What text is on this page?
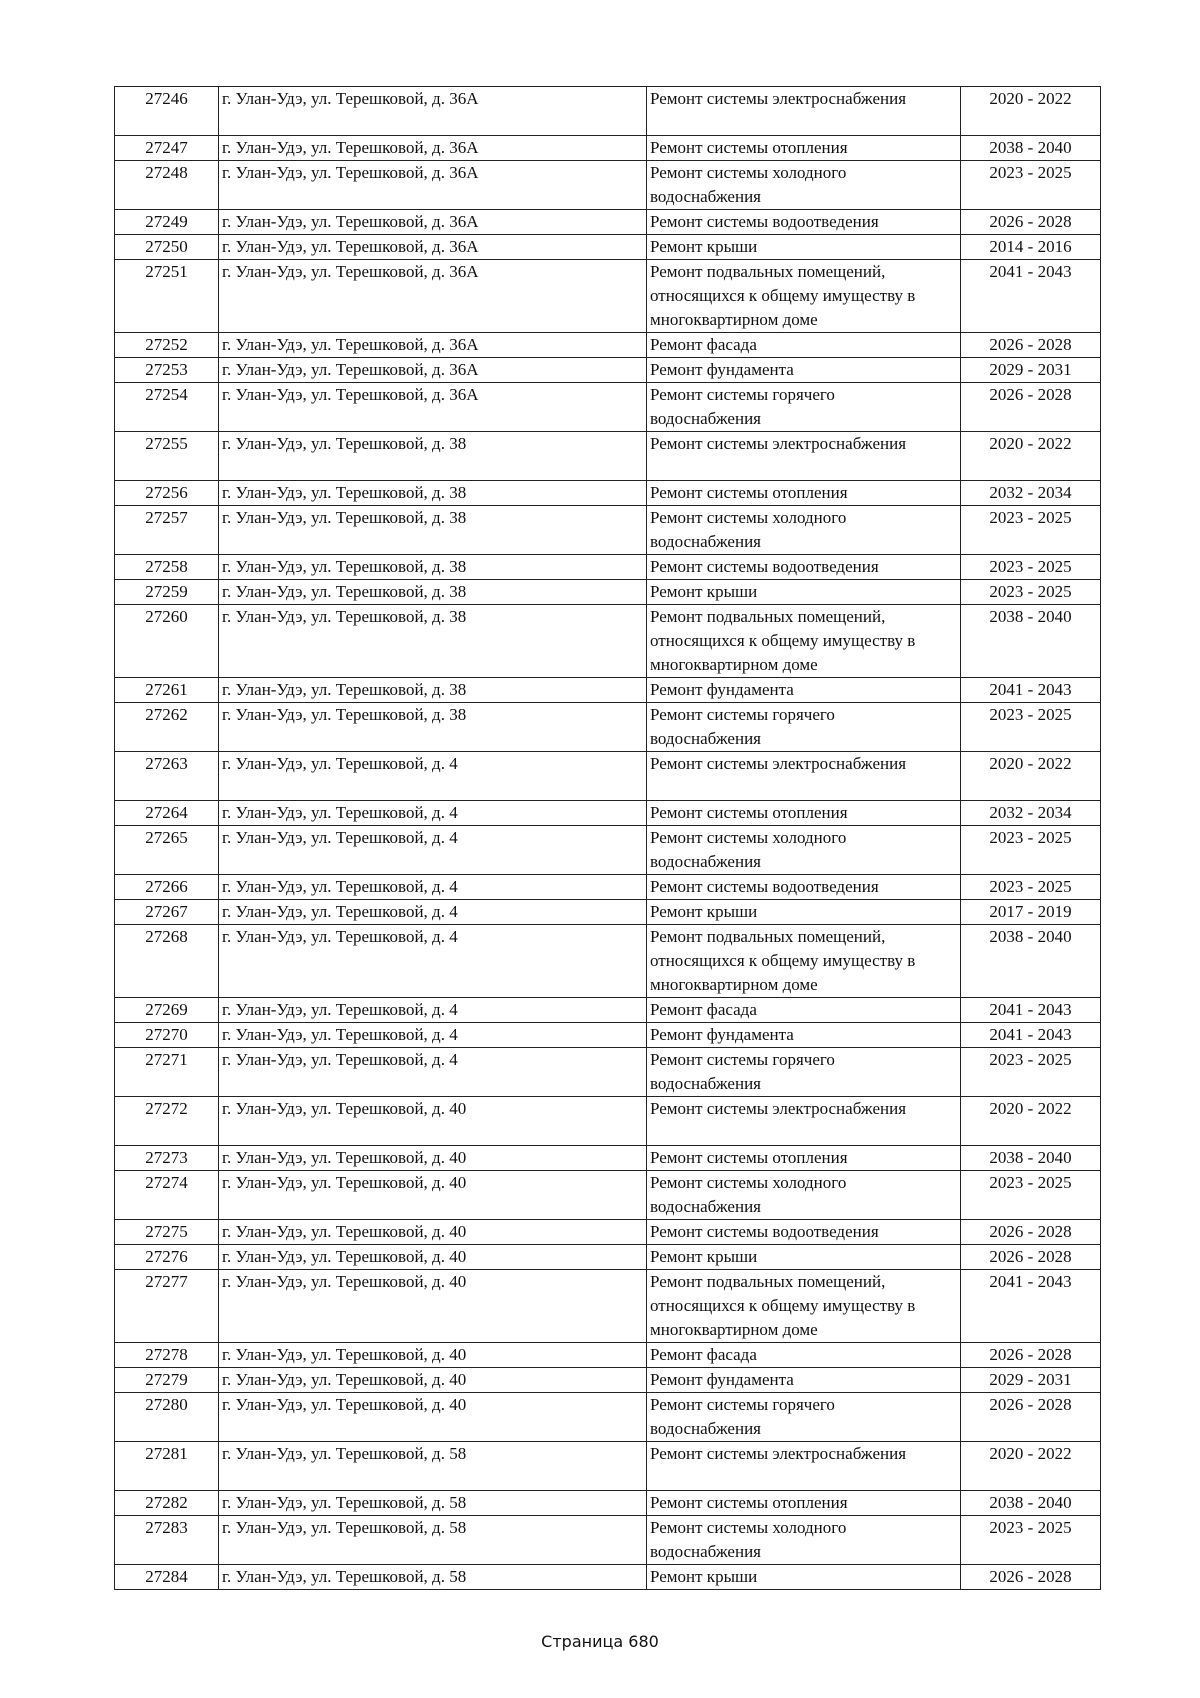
27246	г. Улан-Удэ, ул. Терешковой, д. 36А	Ремонт системы электроснабжения	2020 - 2022
27247	г. Улан-Удэ, ул. Терешковой, д. 36А	Ремонт системы отопления	2038 - 2040
27248	г. Улан-Удэ, ул. Терешковой, д. 36А	Ремонт системы холодного
водоснабжения	2023 - 2025
27249	г. Улан-Удэ, ул. Терешковой, д. 36А	Ремонт системы водоотведения	2026 - 2028
27250	г. Улан-Удэ, ул. Терешковой, д. 36А	Ремонт крыши	2014 - 2016
27251	г. Улан-Удэ, ул. Терешковой, д. 36А	Ремонт подвальных помещений,
относящихся к общему имуществу в
многоквартирном доме	2041 - 2043
27252	г. Улан-Удэ, ул. Терешковой, д. 36А	Ремонт фасада	2026 - 2028
27253	г. Улан-Удэ, ул. Терешковой, д. 36А	Ремонт фундамента	2029 - 2031
27254	г. Улан-Удэ, ул. Терешковой, д. 36А	Ремонт системы горячего
водоснабжения	2026 - 2028
27255	г. Улан-Удэ, ул. Терешковой, д. 38	Ремонт системы электроснабжения	2020 - 2022
27256	г. Улан-Удэ, ул. Терешковой, д. 38	Ремонт системы отопления	2032 - 2034
27257	г. Улан-Удэ, ул. Терешковой, д. 38	Ремонт системы холодного
водоснабжения	2023 - 2025
27258	г. Улан-Удэ, ул. Терешковой, д. 38	Ремонт системы водоотведения	2023 - 2025
27259	г. Улан-Удэ, ул. Терешковой, д. 38	Ремонт крыши	2023 - 2025
27260	г. Улан-Удэ, ул. Терешковой, д. 38	Ремонт подвальных помещений,
относящихся к общему имуществу в
многоквартирном доме	2038 - 2040
27261	г. Улан-Удэ, ул. Терешковой, д. 38	Ремонт фундамента	2041 - 2043
27262	г. Улан-Удэ, ул. Терешковой, д. 38	Ремонт системы горячего
водоснабжения	2023 - 2025
27263	г. Улан-Удэ, ул. Терешковой, д. 4	Ремонт системы электроснабжения	2020 - 2022
27264	г. Улан-Удэ, ул. Терешковой, д. 4	Ремонт системы отопления	2032 - 2034
27265	г. Улан-Удэ, ул. Терешковой, д. 4	Ремонт системы холодного
водоснабжения	2023 - 2025
27266	г. Улан-Удэ, ул. Терешковой, д. 4	Ремонт системы водоотведения	2023 - 2025
27267	г. Улан-Удэ, ул. Терешковой, д. 4	Ремонт крыши	2017 - 2019
27268	г. Улан-Удэ, ул. Терешковой, д. 4	Ремонт подвальных помещений,
относящихся к общему имуществу в
многоквартирном доме	2038 - 2040
27269	г. Улан-Удэ, ул. Терешковой, д. 4	Ремонт фасада	2041 - 2043
27270	г. Улан-Удэ, ул. Терешковой, д. 4	Ремонт фундамента	2041 - 2043
27271	г. Улан-Удэ, ул. Терешковой, д. 4	Ремонт системы горячего
водоснабжения	2023 - 2025
27272	г. Улан-Удэ, ул. Терешковой, д. 40	Ремонт системы электроснабжения	2020 - 2022
27273	г. Улан-Удэ, ул. Терешковой, д. 40	Ремонт системы отопления	2038 - 2040
27274	г. Улан-Удэ, ул. Терешковой, д. 40	Ремонт системы холодного
водоснабжения	2023 - 2025
27275	г. Улан-Удэ, ул. Терешковой, д. 40	Ремонт системы водоотведения	2026 - 2028
27276	г. Улан-Удэ, ул. Терешковой, д. 40	Ремонт крыши	2026 - 2028
27277	г. Улан-Удэ, ул. Терешковой, д. 40	Ремонт подвальных помещений,
относящихся к общему имуществу в
многоквартирном доме	2041 - 2043
27278	г. Улан-Удэ, ул. Терешковой, д. 40	Ремонт фасада	2026 - 2028
27279	г. Улан-Удэ, ул. Терешковой, д. 40	Ремонт фундамента	2029 - 2031
27280	г. Улан-Удэ, ул. Терешковой, д. 40	Ремонт системы горячего
водоснабжения	2026 - 2028
27281	г. Улан-Удэ, ул. Терешковой, д. 58	Ремонт системы электроснабжения	2020 - 2022
27282	г. Улан-Удэ, ул. Терешковой, д. 58	Ремонт системы отопления	2038 - 2040
27283	г. Улан-Удэ, ул. Терешковой, д. 58	Ремонт системы холодного
водоснабжения	2023 - 2025
27284	г. Улан-Удэ, ул. Терешковой, д. 58	Ремонт крыши	2026 - 2028
Страница 680
